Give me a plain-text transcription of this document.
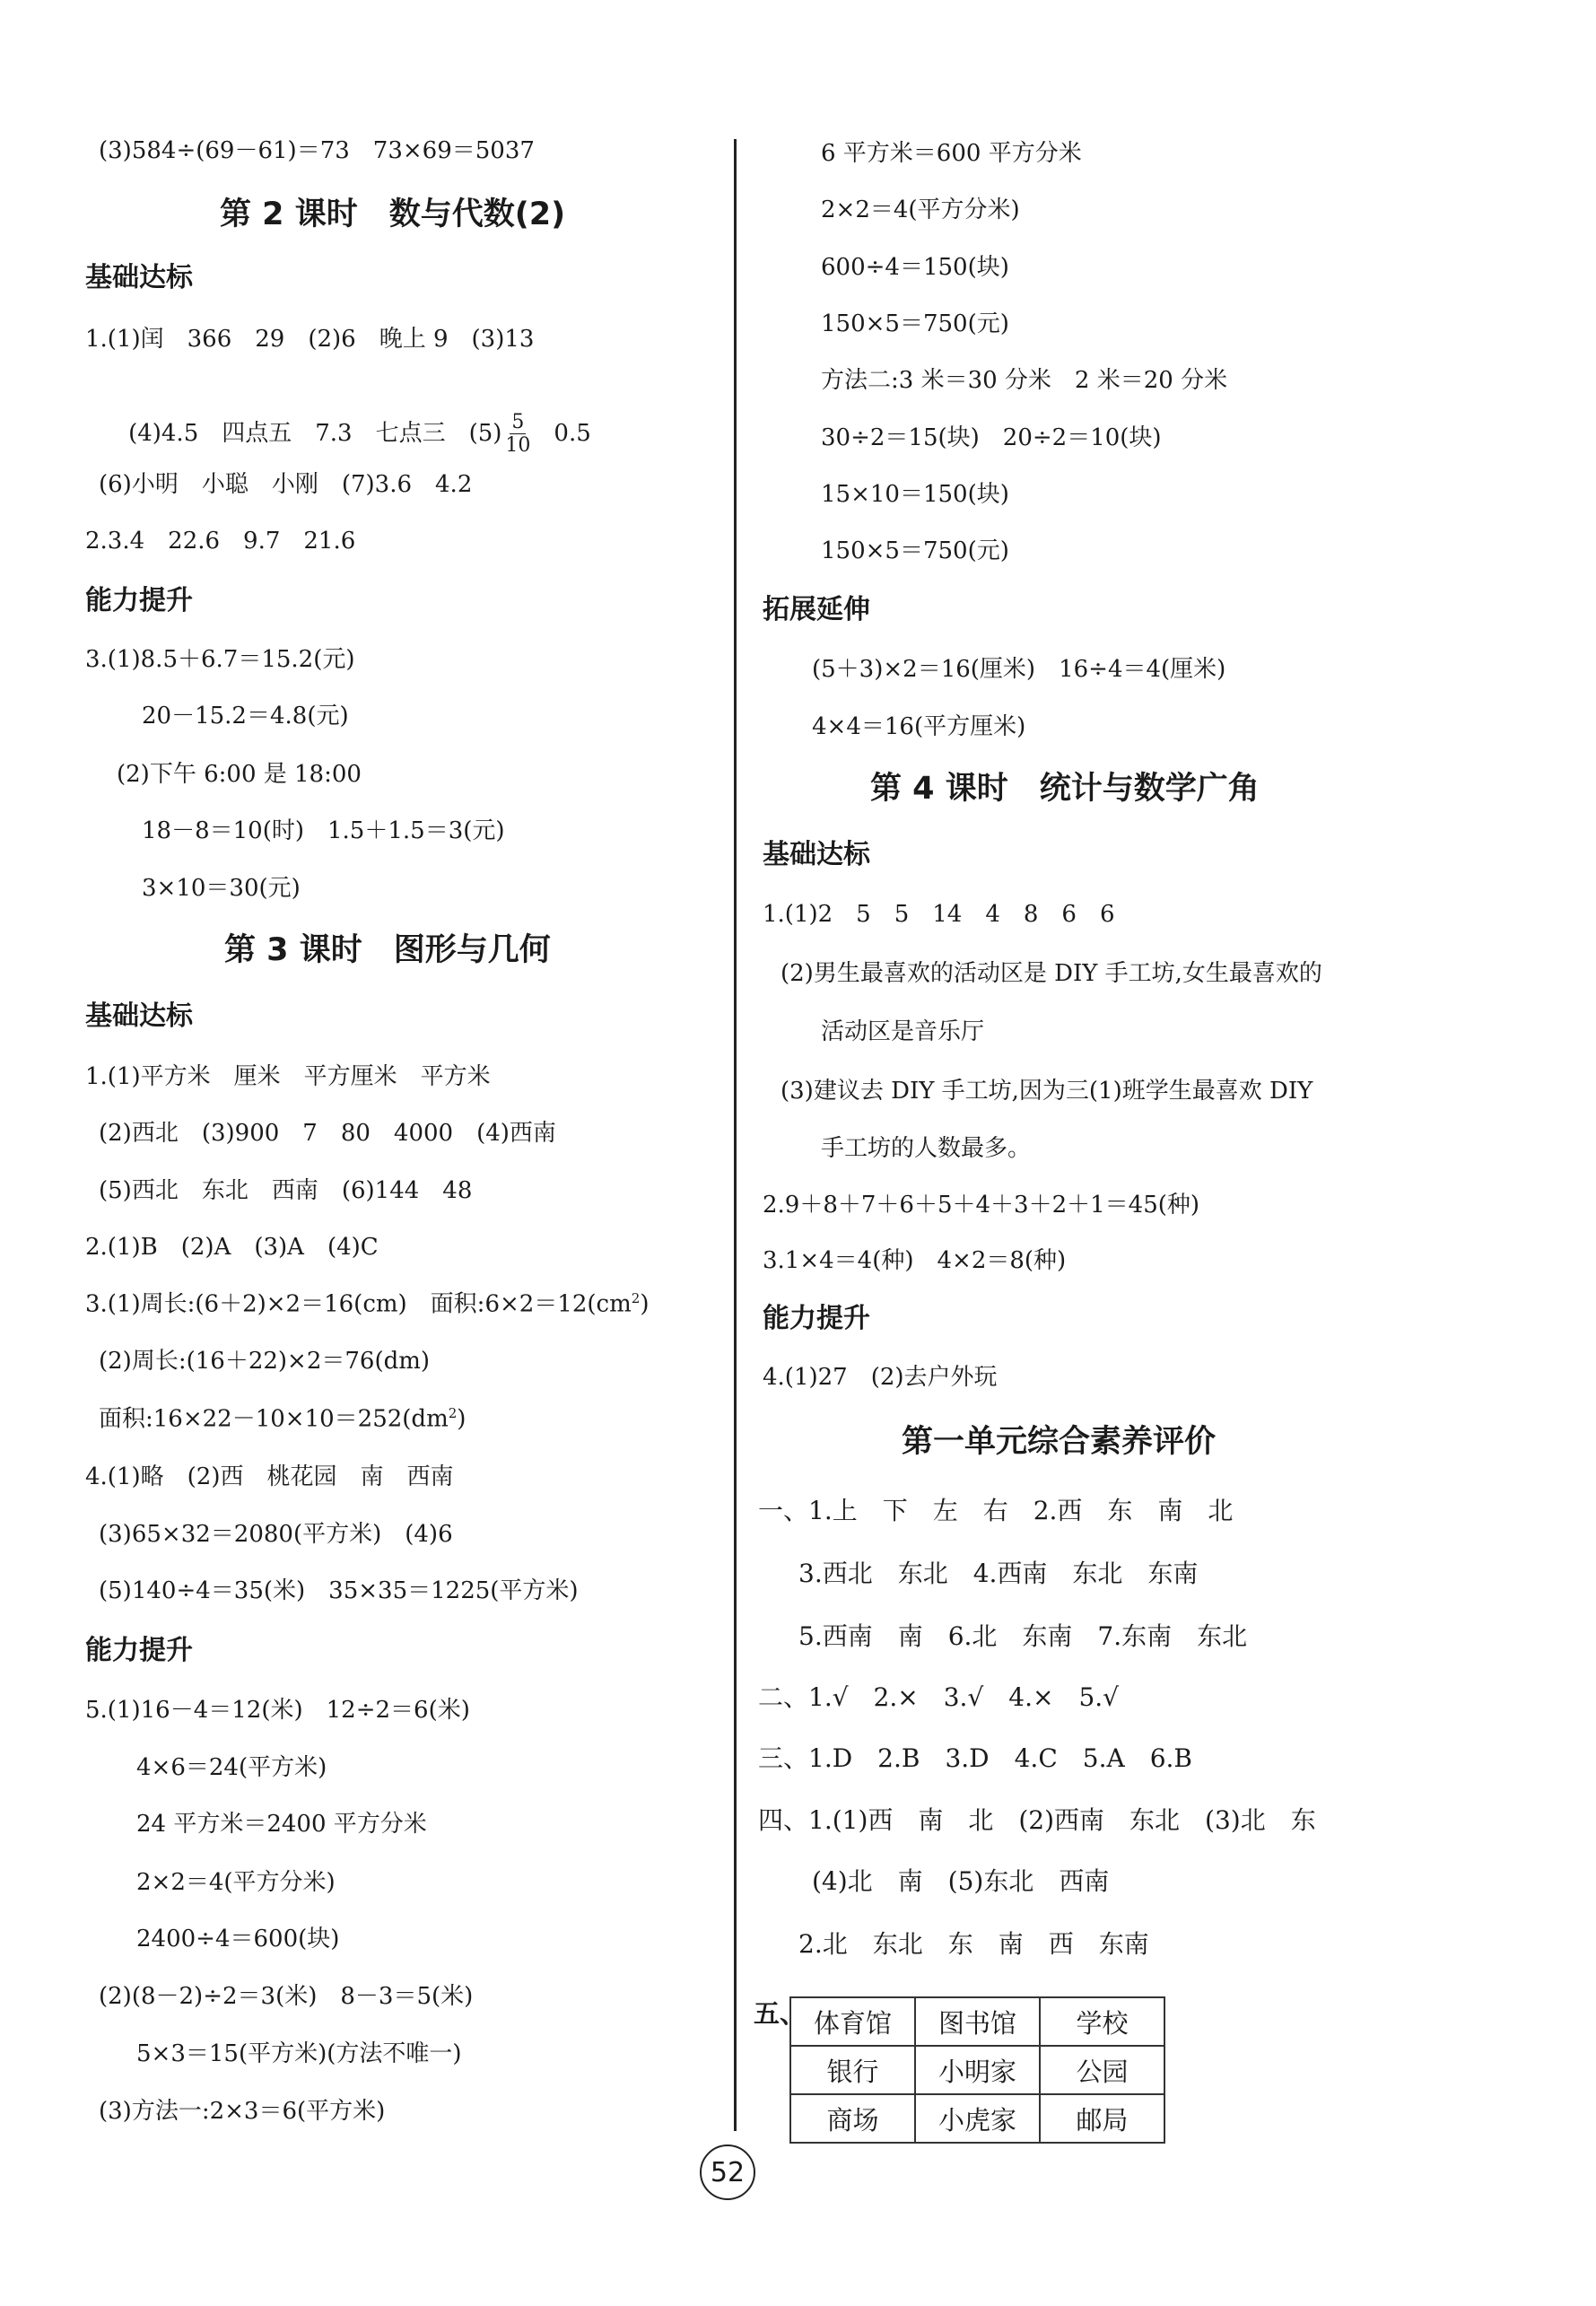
(3)584÷(69－61)＝73　73×69＝5037
第 2 课时　数与代数(2)
基础达标
1.(1)闰　366　29　(2)6　晚上 9　(3)13

(4)4.5　四点五　7.3　七点三　$(5) \frac{5}{10} 0.5$

(6)小明　小聪　小刚　(7)3.6　4.2
2.3.4　22.6　9.7　21.6
能力提升
3.(1)8.5＋6.7＝15.2(元)
20－15.2＝4.8(元)
(2)下午 6:00 是 18:00
18－8＝10(时)　1.5＋1.5＝3(元)
3×10＝30(元)
第 3 课时　图形与几何
基础达标
1.(1)平方米　厘米　平方厘米　平方米
(2)西北　(3)900　7　80　4000　(4)西南
(5)西北　东北　西南　(6)144　48
2.(1)B　(2)A　(3)A　(4)C
3.(1)周长:(6＋2)×2＝16(cm)　面积$:6\times 2=12(cm^2)$
(2)周长:(16＋22)×2＝76(dm)
面积$:16\times 22-10\times 10=252(dm^2)$
4.(1)略　(2)西　桃花园　南　西南
(3)65×32＝2080(平方米)　(4)6
(5)140÷4＝35(米)　35×35＝1225(平方米)
能力提升
5.(1)16－4＝12(米)　12÷2＝6(米)
4×6＝24(平方米)
24 平方米＝2400 平方分米
2×2＝4(平方分米)
2400÷4＝600(块)
(2)(8－2)÷2＝3(米)　8－3＝5(米)
5×3＝15(平方米)(方法不唯一)
(3)方法一:2×3＝6(平方米)
6 平方米＝600 平方分米
2×2＝4(平方分米)
600÷4＝150(块)
150×5＝750(元)
方法二:3 米＝30 分米　2 米＝20 分米
30÷2＝15(块)　20÷2＝10(块)
15×10＝150(块)
150×5＝750(元)
拓展延伸
(5＋3)×2＝16(厘米)　16÷4＝4(厘米)
4×4＝16(平方厘米)
第 4 课时　统计与数学广角
基础达标
1.(1)2　5　5　14　4　8　6　6
(2)男生最喜欢的活动区是 DIY 手工坊,女生最喜欢的
活动区是音乐厅
(3)建议去 DIY 手工坊,因为三(1)班学生最喜欢 DIY
手工坊的人数最多。
2.9＋8＋7＋6＋5＋4＋3＋2＋1＝45(种)
3.1×4＝4(种)　4×2＝8(种)
能力提升
4.(1)27　(2)去户外玩
第一单元综合素养评价
一、1.上　下　左　右　2.西　东　南　北
3.西北　东北　4.西南　东北　东南
5.西南　南　6.北　东南　7.东南　东北
二、1.√　2.×　3.√　4.×　5.√
三、1.D　2.B　3.D　4.C　5.A　6.B
四、1.(1)西　南　北　(2)西南　东北　(3)北　东
(4)北　南　(5)东北　西南
2.北　东北　东　南　西　东南
五、 体育馆	图书馆	学校
银行	小明家	公园
商场	小虎家	邮局
52
